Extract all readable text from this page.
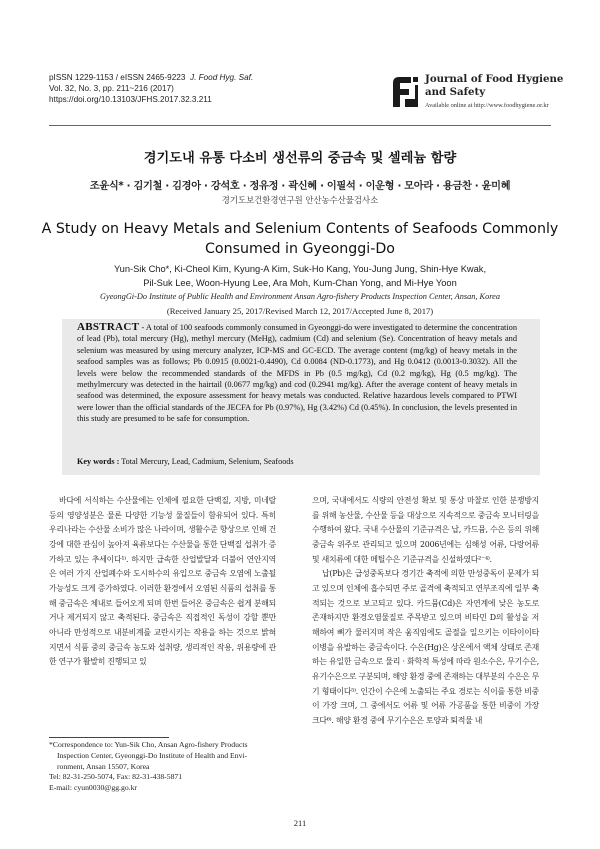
pISSN 1229-1153 / eISSN 2465-9223 J. Food Hyg. Saf.
Vol. 32, No. 3, pp. 211~216 (2017)
https://doi.org/10.13103/JFHS.2017.32.3.211
Journal of Food Hygiene
and Safety
Available online at http://www.foodhygiene.or.kr
경기도내 유통 다소비 생선류의 중금속 및 셀레늄 함량
조윤식* · 김기철 · 김경아 · 강석호 · 정유정 · 곽신혜 · 이필석 · 이운형 · 모아라 · 용금찬 · 윤미혜
경기도보건환경연구원 안산농수산물검사소
A Study on Heavy Metals and Selenium Contents of Seafoods Commonly
Consumed in Gyeonggi-Do
Yun-Sik Cho*, Ki-Cheol Kim, Kyung-A Kim, Suk-Ho Kang, You-Jung Jung, Shin-Hye Kwak,
Pil-Suk Lee, Woon-Hyung Lee, Ara Moh, Kum-Chan Yong, and Mi-Hye Yoon
GyeongGi-Do Institute of Public Health and Environment Ansan Agro-fishery Products Inspection Center, Ansan, Korea
(Received January 25, 2017/Revised March 12, 2017/Accepted June 8, 2017)
ABSTRACT - A total of 100 seafoods commonly consumed in Gyeonggi-do were investigated to determine the concentration of lead (Pb), total mercury (Hg), methyl mercury (MeHg), cadmium (Cd) and selenium (Se). Concentration of heavy metals and selenium was measured by using mercury analyzer, ICP-MS and GC-ECD. The average content (mg/kg) of heavy metals in the seafood samples was as follows; Pb 0.0915 (0.0021-0.4490), Cd 0.0084 (ND-0.1773), and Hg 0.0412 (0.0013-0.3032). All the levels were below the recommended standards of the MFDS in Pb (0.5 mg/kg), Cd (0.2 mg/kg), Hg (0.5 mg/kg). The methylmercury was detected in the hairtail (0.0677 mg/kg) and cod (0.2941 mg/kg). After the average content of heavy metals in seafood was determined, the exposure assessment for heavy metals was conducted. Relative hazardous levels compared to PTWI were lower than the official standards of the JECFA for Pb (0.97%), Hg (3.42%) Cd (0.45%). In conclusion, the levels presented in this study are presumed to be safe for consumption.
Key words : Total Mercury, Lead, Cadmium, Selenium, Seafoods

바다에 서식하는 수산물에는 인체에 필요한 단백질, 지방, 미네랄 등의 영양성분은 물론 다양한 기능성 물질들이 함유되어 있다. 특히 우리나라는 수산물 소비가 많은 나라이며, 생활수준 향상으로 인해 건강에 대한 관심이 높아져 육류보다는 수산물을 통한 단백질 섭취가 증가하고 있는 추세이다¹⁾. 하지만 급속한 산업발달과 더불어 연안지역은 여러 가지 산업폐수와 도시하수의 유입으로 중금속 오염에 노출될 가능성도 크게 증가하였다. 이러한 환경에서 오염된 식품의 섭취를 통해 중금속은 체내로 들어오게 되며 한번 들어온 중금속은 쉽게 분해되거나 제거되지 않고 축적된다. 중금속은 직접적인 독성이 강할 뿐만 아니라 만성적으로 내분비계를 교란시키는 작용을 하는 것으로 밝혀지면서 식품 중의 중금속 농도와 섭취량, 생리적인 작용, 위용량에 관한 연구가 활발히 진행되고 있

으며, 국내에서도 식량의 안전성 확보 및 통상 마찰로 인한 분쟁방지를 위해 농산물, 수산물 등을 대상으로 지속적으로 중금속 모니터링을 수행하여 왔다. 국내 수산물의 기준규격은 납, 카드뮴, 수은 등의 위해 중금속 위주로 관리되고 있으며 2006년에는 심해성 어류, 다랑어류 및 새치류에 대한 메틸수은 기준규격을 신설하였다²⁻⁴⁾.

납(Pb)은 급성중독보다 경기간 축적에 의한 만성중독이 문제가 되고 있으며 인체에 흡수되면 주로 골격에 축적되고 연부조직에 일부 축적되는 것으로 보고되고 있다. 카드뮴(Cd)은 자연계에 낮은 농도로 존재하지만 환경오염물질로 주목받고 있으며 비타민 D의 활성을 저해하여 뼈가 물러지며 작은 움직임에도 골절을 일으키는 이타이이타이병을 유발하는 중금속이다. 수은(Hg)은 상온에서 액체 상태로 존재하는 유일한 금속으로 물리 · 화학적 특성에 따라 원소수은, 무기수은, 유기수은으로 구분되며, 해양 환경 중에 존재하는 대부분의 수은은 무기 형태이다⁵⁾. 인간이 수은에 노출되는 주요 경로는 식이를 통한 비중이 가장 크며, 그 중에서도 어류 및 어류 가공품을 통한 비중이 가장 크다⁶⁾. 해양 환경 중에 무기수은은 토양과 퇴적물 내

*Correspondence to: Yun-Sik Cho, Ansan Agro-fishery Products
Inspection Center, Gyeonggi-Do Institute of Health and Envi-
ronment, Ansan 15507, Korea
Tel: 82-31-250-5074, Fax: 82-31-438-5871
E-mail: cyun0030@gg.go.kr
211
